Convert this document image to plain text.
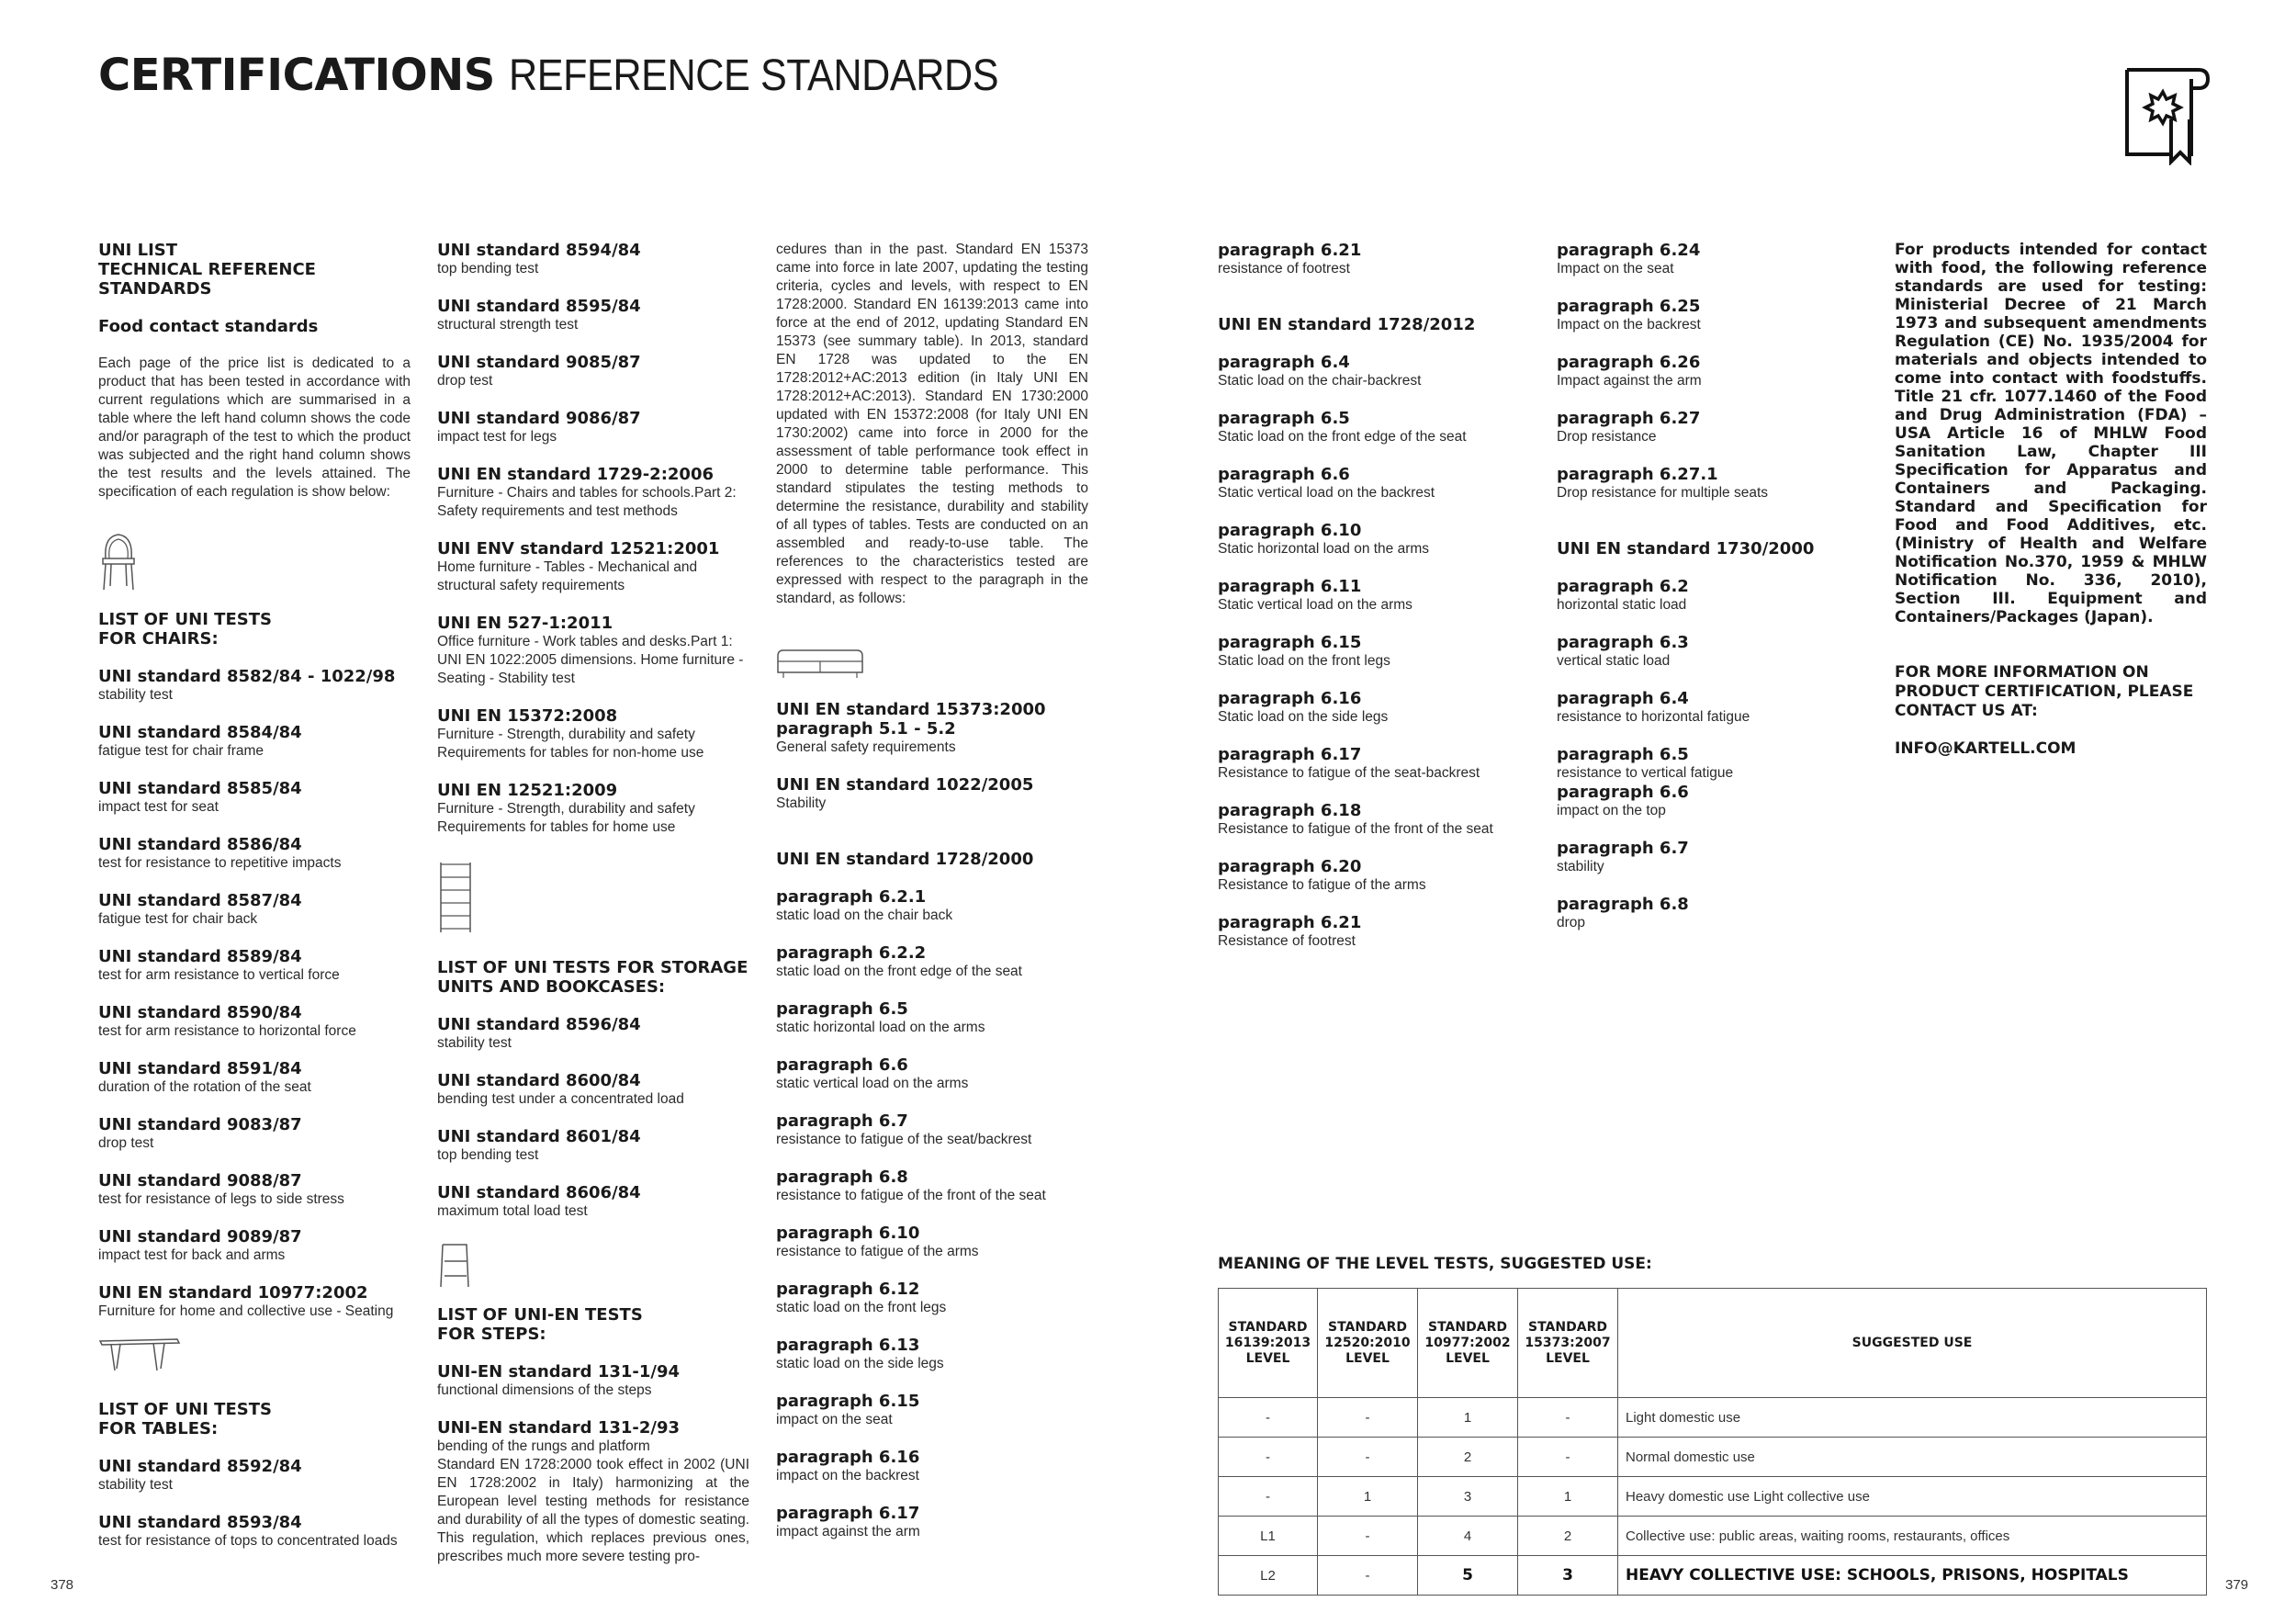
CERTIFICATIONS REFERENCE STANDARDS

UNI LIST

TECHNICAL REFERENCE STANDARDS

Food contact standards

Each page of the price list is dedicated to a product that has been tested in accordance with current regulations which are summarised in a table where the left hand column shows the code and/or paragraph of the test to which the product was subjected and the right hand column shows the test results and the levels attained. The specification of each regulation is show below:

LIST OF UNI TESTS

FOR CHAIRS:

UNI standard 8582/84 - 1022/98

stability test

UNI standard 8584/84

fatigue test for chair frame

UNI standard 8585/84

impact test for seat

UNI standard 8586/84

test for resistance to repetitive impacts

UNI standard 8587/84

fatigue test for chair back

UNI standard 8589/84

test for arm resistance to vertical force

UNI standard 8590/84

test for arm resistance to horizontal force

UNI standard 8591/84

duration of the rotation of the seat

UNI standard 9083/87

drop test

UNI standard 9088/87

test for resistance of legs to side stress

UNI standard 9089/87

impact test for back and arms

UNI EN standard 10977:2002

Furniture for home and collective use - Seating

LIST OF UNI TESTS

FOR TABLES:

UNI standard 8592/84

stability test

UNI standard 8593/84

test for resistance of tops to concentrated loads

UNI standard 8594/84

top bending test

UNI standard 8595/84

structural strength test

UNI standard 9085/87

drop test

UNI standard 9086/87

impact test for legs

UNI EN standard 1729-2:2006

Furniture - Chairs and tables for schools.Part 2: Safety requirements and test methods

UNI ENV standard 12521:2001

Home furniture - Tables - Mechanical and structural safety requirements

UNI EN 527-1:2011

Office furniture - Work tables and desks.Part 1: UNI EN 1022:2005 dimensions. Home furniture - Seating - Stability test

UNI EN 15372:2008

Furniture - Strength, durability and safety Requirements for tables for non-home use

UNI EN 12521:2009

Furniture - Strength, durability and safety Requirements for tables for home use

LIST OF UNI TESTS FOR STORAGE

UNITS AND BOOKCASES:

UNI standard 8596/84

stability test

UNI standard 8600/84

bending test under a concentrated load

UNI standard 8601/84

top bending test

UNI standard 8606/84

maximum total load test

LIST OF UNI-EN TESTS

FOR STEPS:

UNI-EN standard 131-1/94

functional dimensions of the steps

UNI-EN standard 131-2/93

bending of the rungs and platform

Standard EN 1728:2000 took effect in 2002 (UNI EN 1728:2002 in Italy) harmonizing at the European level testing methods for resistance and durability of all the types of domestic seating. This regulation, which replaces previous ones, prescribes much more severe testing pro-

cedures than in the past. Standard EN 15373 came into force in late 2007, updating the testing criteria, cycles and levels, with respect to EN 1728:2000. Standard EN 16139:2013 came into force at the end of 2012, updating Standard EN 15373 (see summary table). In 2013, standard EN 1728 was updated to the EN 1728:2012+AC:2013 edition (in Italy UNI EN 1728:2012+AC:2013). Standard EN 1730:2000 updated with EN 15372:2008 (for Italy UNI EN 1730:2002) came into force in 2000 for the assessment of table performance took effect in 2000 to determine table performance. This standard stipulates the testing methods to determine the resistance, durability and stability of all types of tables. Tests are conducted on an assembled and ready-to-use table. The references to the characteristics tested are expressed with respect to the paragraph in the standard, as follows:

UNI EN standard 15373:2000

paragraph 5.1 - 5.2

General safety requirements

UNI EN standard 1022/2005

Stability

UNI EN standard 1728/2000

paragraph 6.2.1

static load on the chair back

paragraph 6.2.2

static load on the front edge of the seat

paragraph 6.5

static horizontal load on the arms

paragraph 6.6

static vertical load on the arms

paragraph 6.7

resistance to fatigue of the seat/backrest

paragraph 6.8

resistance to fatigue of the front of the seat

paragraph 6.10

resistance to fatigue of the arms

paragraph 6.12

static load on the front legs

paragraph 6.13

static load on the side legs

paragraph 6.15

impact on the seat

paragraph 6.16

impact on the backrest

paragraph 6.17

impact against the arm

paragraph 6.21

resistance of footrest

UNI EN standard 1728/2012

paragraph 6.4

Static load on the chair-backrest

paragraph 6.5

Static load on the front edge of the seat

paragraph 6.6

Static vertical load on the backrest

paragraph 6.10

Static horizontal load on the arms

paragraph 6.11

Static vertical load on the arms

paragraph 6.15

Static load on the front legs

paragraph 6.16

Static load on the side legs

paragraph 6.17

Resistance to fatigue of the seat-backrest

paragraph 6.18

Resistance to fatigue of the front of the seat

paragraph 6.20

Resistance to fatigue of the arms

paragraph 6.21

Resistance of footrest

paragraph 6.24

Impact on the seat

paragraph 6.25

Impact on the backrest

paragraph 6.26

Impact against the arm

paragraph 6.27

Drop resistance

paragraph 6.27.1

Drop resistance for multiple seats

UNI EN standard 1730/2000

paragraph 6.2

horizontal static load

paragraph 6.3

vertical static load

paragraph 6.4

resistance to horizontal fatigue

paragraph 6.5

resistance to vertical fatigue

paragraph 6.6

impact on the top

paragraph 6.7

stability

paragraph 6.8

drop

For products intended for contact with food, the following reference standards are used for testing: Ministerial Decree of 21 March 1973 and subsequent amendments Regulation (CE) No. 1935/2004 for materials and objects intended to come into contact with foodstuffs. Title 21 cfr. 1077.1460 of the Food and Drug Administration (FDA) – USA Article 16 of MHLW Food Sanitation Law, Chapter III Specification for Apparatus and Containers and Packaging. Standard and Specification for Food and Food Additives, etc. (Ministry of Health and Welfare Notification No.370, 1959 & MHLW Notification No. 336, 2010), Section III. Equipment and Containers/Packages (Japan).

FOR MORE INFORMATION ON

PRODUCT CERTIFICATION, PLEASE

CONTACT US AT:

INFO@KARTELL.COM

MEANING OF THE LEVEL TESTS, SUGGESTED USE:
STANDARD
16139:2013
LEVEL	STANDARD
12520:2010
LEVEL	STANDARD
10977:2002
LEVEL	STANDARD
15373:2007
LEVEL	SUGGESTED USE
-	-	1	-	Light domestic use
-	-	2	-	Normal domestic use
-	1	3	1	Heavy domestic use Light collective use
L1	-	4	2	Collective use: public areas, waiting rooms, restaurants, offices
L2	-	5	3	HEAVY COLLECTIVE USE: SCHOOLS, PRISONS, HOSPITALS
378	379
